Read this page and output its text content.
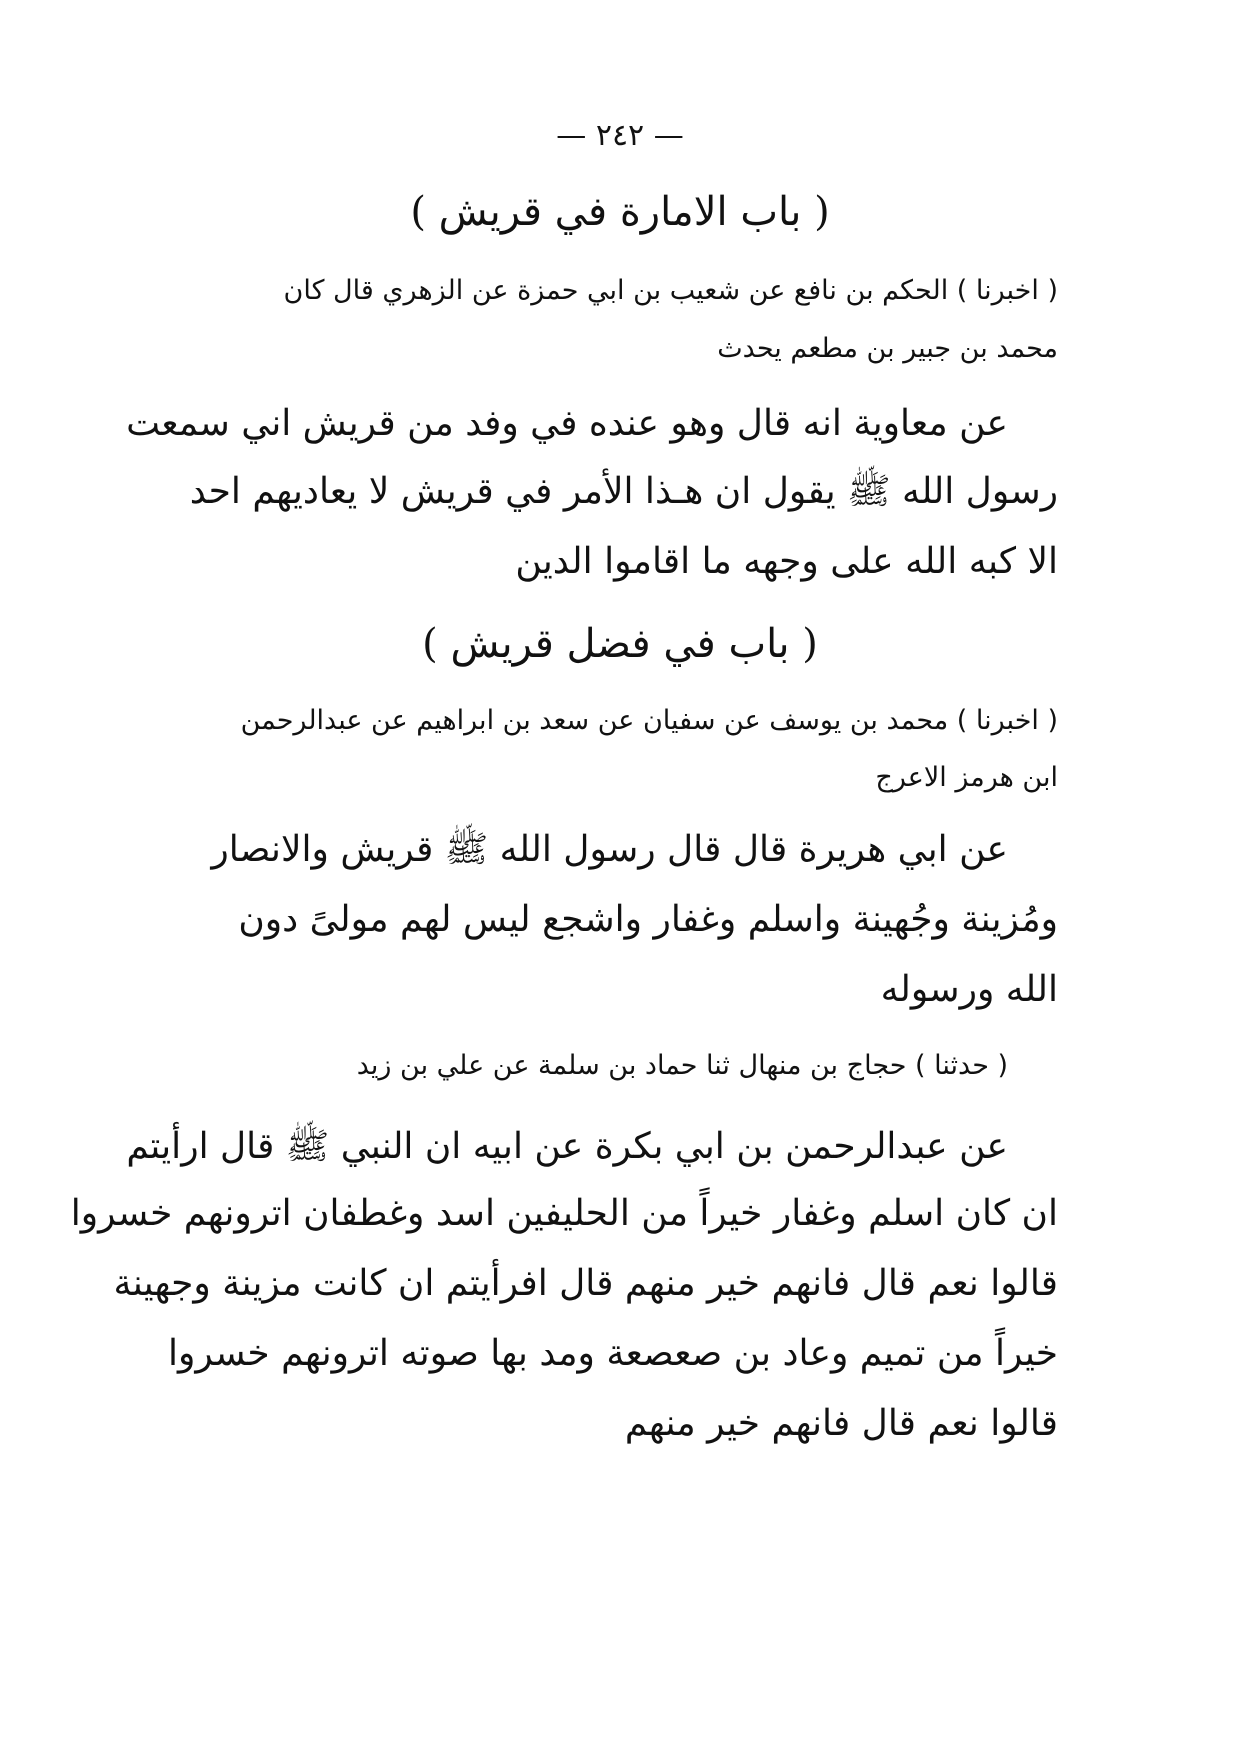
— ٢٤٢ —
( باب الامارة في قريش )
( اخبرنا ) الحكم بن نافع عن شعيب بن ابي حمزة عن الزهري قال كان
محمد بن جبير بن مطعم يحدث
عن معاوية انه قال وهو عنده في وفد من قريش اني سمعت
رسول الله ﷺ يقول ان هـذا الأمر في قريش لا يعاديهم احد
الا كبه الله على وجهه ما اقاموا الدين
( باب في فضل قريش )
( اخبرنا ) محمد بن يوسف عن سفيان عن سعد بن ابراهيم عن عبدالرحمن
ابن هرمز الاعرج
عن ابي هريرة قال قال رسول الله ﷺ قريش والانصار
ومُزينة وجُهينة واسلم وغفار واشجع ليس لهم مولىً دون
الله ورسوله
( حدثنا ) حجاج بن منهال ثنا حماد بن سلمة عن علي بن زيد
عن عبدالرحمن بن ابي بكرة عن ابيه ان النبي ﷺ قال ارأيتم
ان كان اسلم وغفار خيراً من الحليفين اسد وغطفان اترونهم خسروا
قالوا نعم قال فانهم خير منهم قال افرأيتم ان كانت مزينة وجهينة
خيراً من تميم وعاد بن صعصعة ومد بها صوته اترونهم خسروا
قالوا نعم قال فانهم خير منهم
